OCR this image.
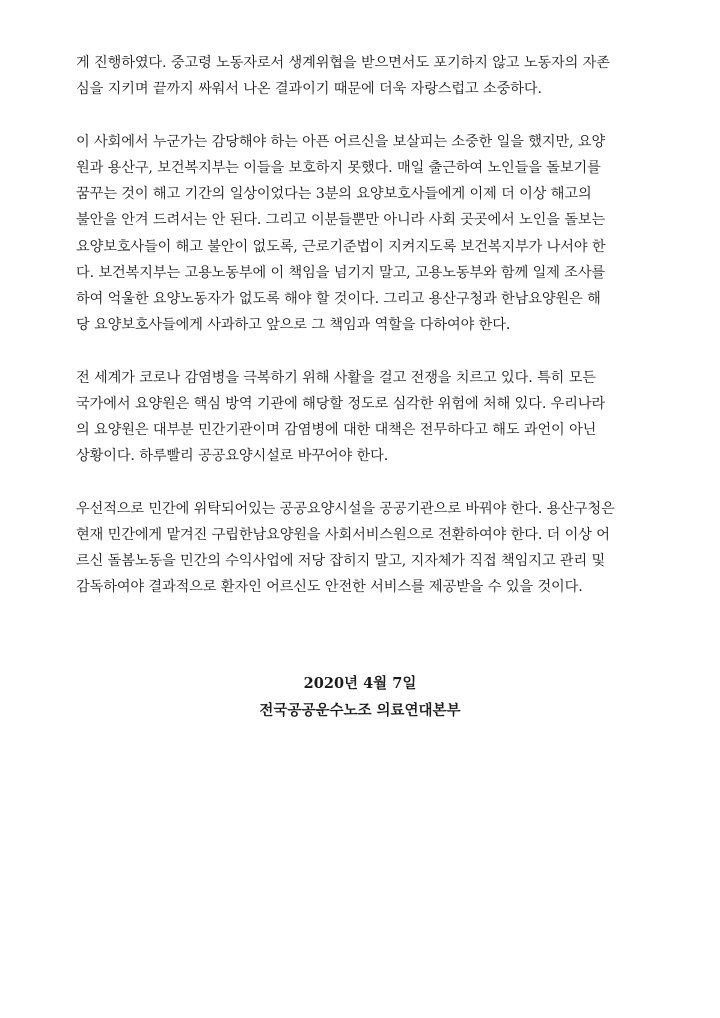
게 진행하였다. 중고령 노동자로서 생계위협을 받으면서도 포기하지 않고 노동자의 자존
심을 지키며 끝까지 싸워서 나온 결과이기 때문에 더욱 자랑스럽고 소중하다.
이 사회에서 누군가는 감당해야 하는 아픈 어르신을 보살피는 소중한 일을 했지만, 요양
원과 용산구, 보건복지부는 이들을 보호하지 못했다. 매일 출근하여 노인들을 돌보기를
꿈꾸는 것이 해고 기간의 일상이었다는 3분의 요양보호사들에게 이제 더 이상 해고의
불안을 안겨 드려서는 안 된다. 그리고 이분들뿐만 아니라 사회 곳곳에서 노인을 돌보는
요양보호사들이 해고 불안이 없도록, 근로기준법이 지켜지도록 보건복지부가 나서야 한
다. 보건복지부는 고용노동부에 이 책임을 넘기지 말고, 고용노동부와 함께 일제 조사를
하여 억울한 요양노동자가 없도록 해야 할 것이다. 그리고 용산구청과 한남요양원은 해
당 요양보호사들에게 사과하고 앞으로 그 책임과 역할을 다하여야 한다.
전 세계가 코로나 감염병을 극복하기 위해 사활을 걸고 전쟁을 치르고 있다. 특히 모든
국가에서 요양원은 핵심 방역 기관에 해당할 정도로 심각한 위험에 처해 있다. 우리나라
의 요양원은 대부분 민간기관이며 감염병에 대한 대책은 전무하다고 해도 과언이 아닌
상황이다. 하루빨리 공공요양시설로 바꾸어야 한다.
우선적으로 민간에 위탁되어있는 공공요양시설을 공공기관으로 바꿔야 한다. 용산구청은
현재 민간에게 맡겨진 구립한남요양원을 사회서비스원으로 전환하여야 한다. 더 이상 어
르신 돌봄노동을 민간의 수익사업에 저당 잡히지 말고, 지자체가 직접 책임지고 관리 및
감독하여야 결과적으로 환자인 어르신도 안전한 서비스를 제공받을 수 있을 것이다.
2020년 4월 7일
전국공공운수노조 의료연대본부
